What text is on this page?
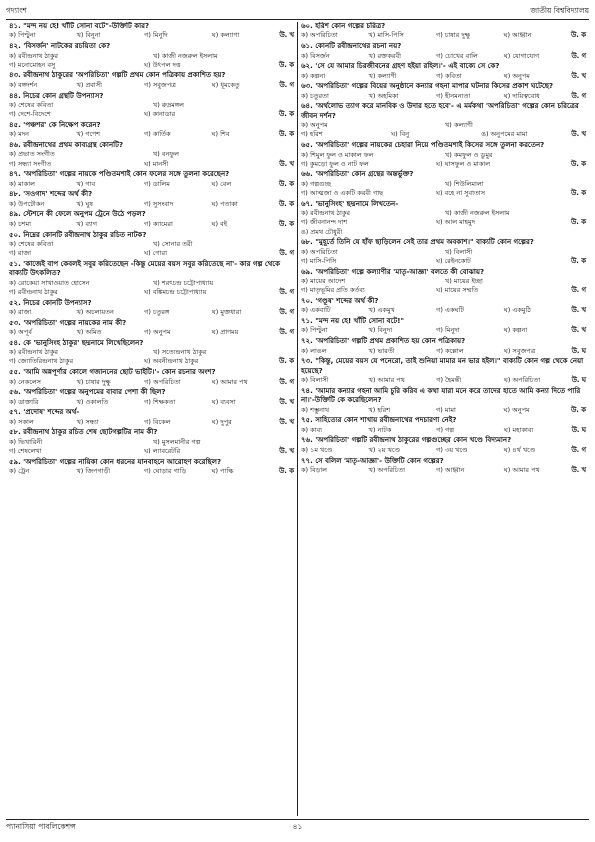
গদ্যাংশ	জাতীয় বিশ্ববিদ্যালয়
৪১. "মন্দ নয় হে! খাঁটি সোনা বটে"-উক্তিটি কার?
ক) পিণ্টুনা	খ) বিনুনা	গ) মিনুদি	ঘ) কল্যাণা	উ. খ
৪২. 'বিসর্জন' নাটকের রচয়িতা কে?
ক) রবীন্দ্রনাথ ঠাকুর	খ) কাজী নজরুল ইসলাম
গ) মনোমোহন বসু	ঘ) উৎপল দত্ত	উ. ক
৪৩. রবীন্দ্রনাথ ঠাকুরের 'অপরিচিতা' গল্পটি প্রথম কোন পত্রিকায় প্রকাশিত হয়?
ক) বঙ্গদর্শন	খ) প্রবাসী	গ) সবুজপত্র	ঘ) ধূমকেতু	উ. গ
৪৪. নিচের কোন গ্রন্থটি উপন্যাস?
ক) শেষের কবিতা	খ) রুদ্রমঙ্গল
গ) দেশে-বিদেশে	ঘ) কানাডার	উ. ক
৪৫. 'পঞ্চশর' কে নিক্ষেপ করেন?
ক) মদন	খ) গণেশ	গ) কার্তিক	ঘ) শিব	উ. ক
৪৬. রবীন্দ্রনাথের প্রথম কাব্যগ্রন্থ কোনটি?
ক) প্রভাত সংগীত	খ) বনফুল
গ) সন্ধ্যা সংগীত	ঘ) মানসী	উ. খ
৪৭. 'অপরিচিতা' গল্পের নায়কে পণ্ডিতমশাই কোন ফলের সঙ্গে তুলনা করেছেন?
ক) মাকাল	খ) গাব	গ) ডালিম	ঘ) বেল	উ. ক
৪৮. 'সওগাদ' শব্দের অর্থ কী?
ক) উপঢৌকন	খ) ঘুষ	গ) সুসংবাদ	ঘ) পতাকা	উ. ক
৪৯. স্টেশনে কী ফেলে অনুপম ট্রেনে উঠে পড়ল?
ক) চশমা	খ) ব্যাগ	গ) ক্যামেরা	ঘ) বই	উ. ক
৫০. নিম্নের কোনটি রবীন্দ্রনাথ ঠাকুর রচিত নাটক?
ক) শেষের কবিতা	খ) সোনার তরী
গ) রাজা	ঘ) গোরা	উ. গ
৫১. 'কাজেই বাপ কেবলই সবুর করিতেছেন -কিন্তু মেয়ের বয়স সবুর করিতেছে না'- কার গল্প থেকে বাক্যটি উৎকলিত?
ক) রোকেয়া সাখাওয়াত হোসেন	খ) শরৎচন্দ্র চট্টোপাধ্যায়
গ) রবীন্দ্রনাথ ঠাকুর	ঘ) বঙ্কিমচন্দ্র চট্টোপাধ্যায়	উ. গ
৫২. নিচের কোনটি উপন্যাস?
ক) রাজা	খ) অচলায়তন	গ) চতুরঙ্গ	ঘ) মুক্তধারা	উ. গ
৫৩. 'অপরিচিতা' গল্পের নায়কের নাম কী?
ক) অপূর্ব	খ) অমিত	গ) অনুপম	ঘ) প্রাণময়	উ. গ
৫৪. কে 'ভানুসিংহ ঠাকুর' ছদ্মনামে লিখেছিলেন?
ক) রবীন্দ্রনাথ ঠাকুর	খ) সত্যেন্দ্রনাথ ঠাকুর
গ) জ্যোতিরিন্দ্রনাথ ঠাকুর	ঘ) অবনীন্দ্রনাথ ঠাকুর	উ. ক
৫৫. 'আমি অন্নপূর্ণার কোলে গজাননের ছোট ভাইটি।'- কোন রচনার অংশ?
ক) নেকলেস	খ) চাষার দুক্ষু	গ) অপরিচিতা	ঘ) আমার পথ	উ. গ
৫৬. 'অপরিচিতা' গল্পের অনুপমের বাবার পেশা কী ছিল?
ক) ডাক্তারি	খ) ওকালতি	গ) শিক্ষকতা	ঘ) ব্যবসা	উ. খ
৫৭. 'প্রদোষ' শব্দের অর্থ-
ক) সকাল	খ) সন্ধ্যা	গ) বিকেল	ঘ) দুপুর	উ. খ
৫৮. রবীন্দ্রনাথ ঠাকুর রচিত শেষ ছোটগল্পটির নাম কী?
ক) ভিখারিনী	খ) মুসলমানীর গল্প
গ) শেষলেখা	ঘ) ল্যাবরেটরি	উ. খ
৫৯. 'অপরিচিতা' গল্পের নায়িকা কোন ধরনের যানবাহনে আরোহণ করেছিল?
ক) ট্রেন	খ) জিপগাড়ী	গ) ঘোড়ার গাড়ি	ঘ) পাল্কি	উ. ক
৬০. হরিশ কোন গল্পের চরিত্র?
ক) অপরিচিতা	খ) মাসি-পিসি	গ) চাষার দুক্ষু	ঘ) আহ্বান	উ. ক
৬১. কোনটি রবীন্দ্রনাথের রচনা নয়?
ক) বিসর্জন	খ) রক্তকরবী	গ) চোখের বালি	ঘ) যোগাযোগ	উ. গ
৬২. 'সে যে আমার চিরজীবনের গ্রহণ হইয়া রহিল।'- এই বাক্যে সে কে?
ক) কল্পনা	খ) কল্যাণী	গ) কবিতা	ঘ) অনুপম	উ. খ
৬৩. 'অপরিচিতা' গল্পের বিয়ের অনুষ্ঠানে কন্যার গহনা মাপার ঘটনার কিসের প্রকাশ ঘটেছে?
ক) চতুরতা	খ) অহমিকা	গ) হীনমন্যতা	ঘ) দায়িত্ববোধ	উ. গ
৬৪. 'অর্থলোভ ত্যাগ করে মানবিক ও উদার হতে হবে'- এ মর্মকথা 'অপরিচিতা' গল্পের কোন চরিত্রের জীবন দর্শন?
ক) অনুপম	খ) কল্যাণী
গ) হরিশ	ঘ) বিনু	ঙ) অনুপমের মামা	উ. খ
৬৫. 'অপরিচিতা' গল্পের নায়কের চেহারা নিয়ে পণ্ডিতমশাই কিসের সঙ্গে তুলনা করতেন?
ক) শিমুল ফুল ও মাকাল ফল	খ) কমফুল ও ডুমুর
গ) কুমড়ো ফুল ও নাট ফল	ঘ) ঘাসফুল ও মাকাল	উ. ক
৬৬. 'অপরিচিতা' কোন গ্রন্থের অন্তর্ভুক্ত?
ক) গল্পগুচ্ছ	খ) শিউলিমালা
গ) আত্মজা ও একটি করবী গাছ	ঘ) বহে না সুবাতাস	উ. ক
৬৭. 'ভানুসিংহ' ছদ্মনামে লিখতেন-
ক) রবীন্দ্রনাথ ঠাকুর	খ) কাজী নজরুল ইসলাম
গ) জীবনানন্দ দাশ	ঘ) আল মাহমুদ	উ. ক
ঙ) প্রমথ চৌধুরী
৬৮. "মুহূর্তে তিনি যে হাঁফ ছাড়িলেন সেই তার প্রথম অবকাশ।" বাক্যটি কোন গল্পের?
ক) অপরিচিতা	খ) বিলাসী
গ) মাসি-পিসি	ঘ) রেইনকোট	উ. ক
৬৯. 'অপরিচিতা' গল্পে কল্যাণীর 'মাতৃ-আজ্ঞা' বলতে কী বোঝায়?
ক) মায়ের আদেশ	খ) মায়ের ইচ্ছা
গ) মাতৃভূমির প্রতি কর্তব্য	ঘ) মায়ের সম্মতি	উ. গ
৭০. 'গণ্ডূষ' শব্দের অর্থ কী?
ক) একবাটি	খ) একমুখ	গ) একঘটি	ঘ) একমুঠি	উ. খ
৭১. "মন্দ নয় হে! খাঁটি সোনা বটে!"
ক) পিণ্টুনা	খ) বিনুদা	গ) মিনুদা	ঘ) কল্পনা	উ. খ
৭২. 'অপরিচিতা' গল্পটি প্রথম প্রকাশিত হয় কোন পত্রিকায়?
ক) লাঙল	খ) ভারতী	গ) কল্লোল	ঘ) সবুজপত্র	উ. ঘ
৭৩. "কিন্তু, মেয়ের বয়স যে পনেরো, তাই শুনিয়া মামার মন ভার হইল।" বাক্যটি কোন গল্প থেকে নেয়া হয়েছে?
ক) বিলাসী	খ) আমার পথ	গ) হৈমন্তী	ঘ) অপরিচিতা	উ. ঘ
৭৪. 'আমার কন্যার গহনা আমি চুরি করিব এ কথা যারা মনে করে তাদের হাতে আমি কন্যা দিতে পারি না।'-উক্তিটি কে করেছিলেন?
ক) শম্ভুনাথ	খ) হরিশ	গ) মামা	ঘ) অনুপম	উ. ক
৭৫. সাহিত্যের কোন শাখায় রবীন্দ্রনাথের পদচারণা নেই?
ক) কাব্য	খ) নাটক	গ) গল্প	ঘ) মহাকাব্য	উ. ঘ
৭৬. 'অপরিচিতা' গল্পটি রবীন্দ্রনাথ ঠাকুরের গল্পগুচ্ছের কোন খণ্ডে বিদ্যমান?
ক) ১ম খণ্ডে	খ) ২য় খণ্ডে	গ) ৩য় খণ্ডে	ঘ) ৪র্থ খণ্ডে	উ. গ
৭৭. সে বলিল 'মাতৃ-আজ্ঞা'- উক্তিটি কোন গল্পের?
ক) বিড়াল	খ) অপরিচিতা	গ) আহ্বান	ঘ) আমার পথ	উ. খ
প্যানাসিয়া পাবলিকেশন্স	৪১
